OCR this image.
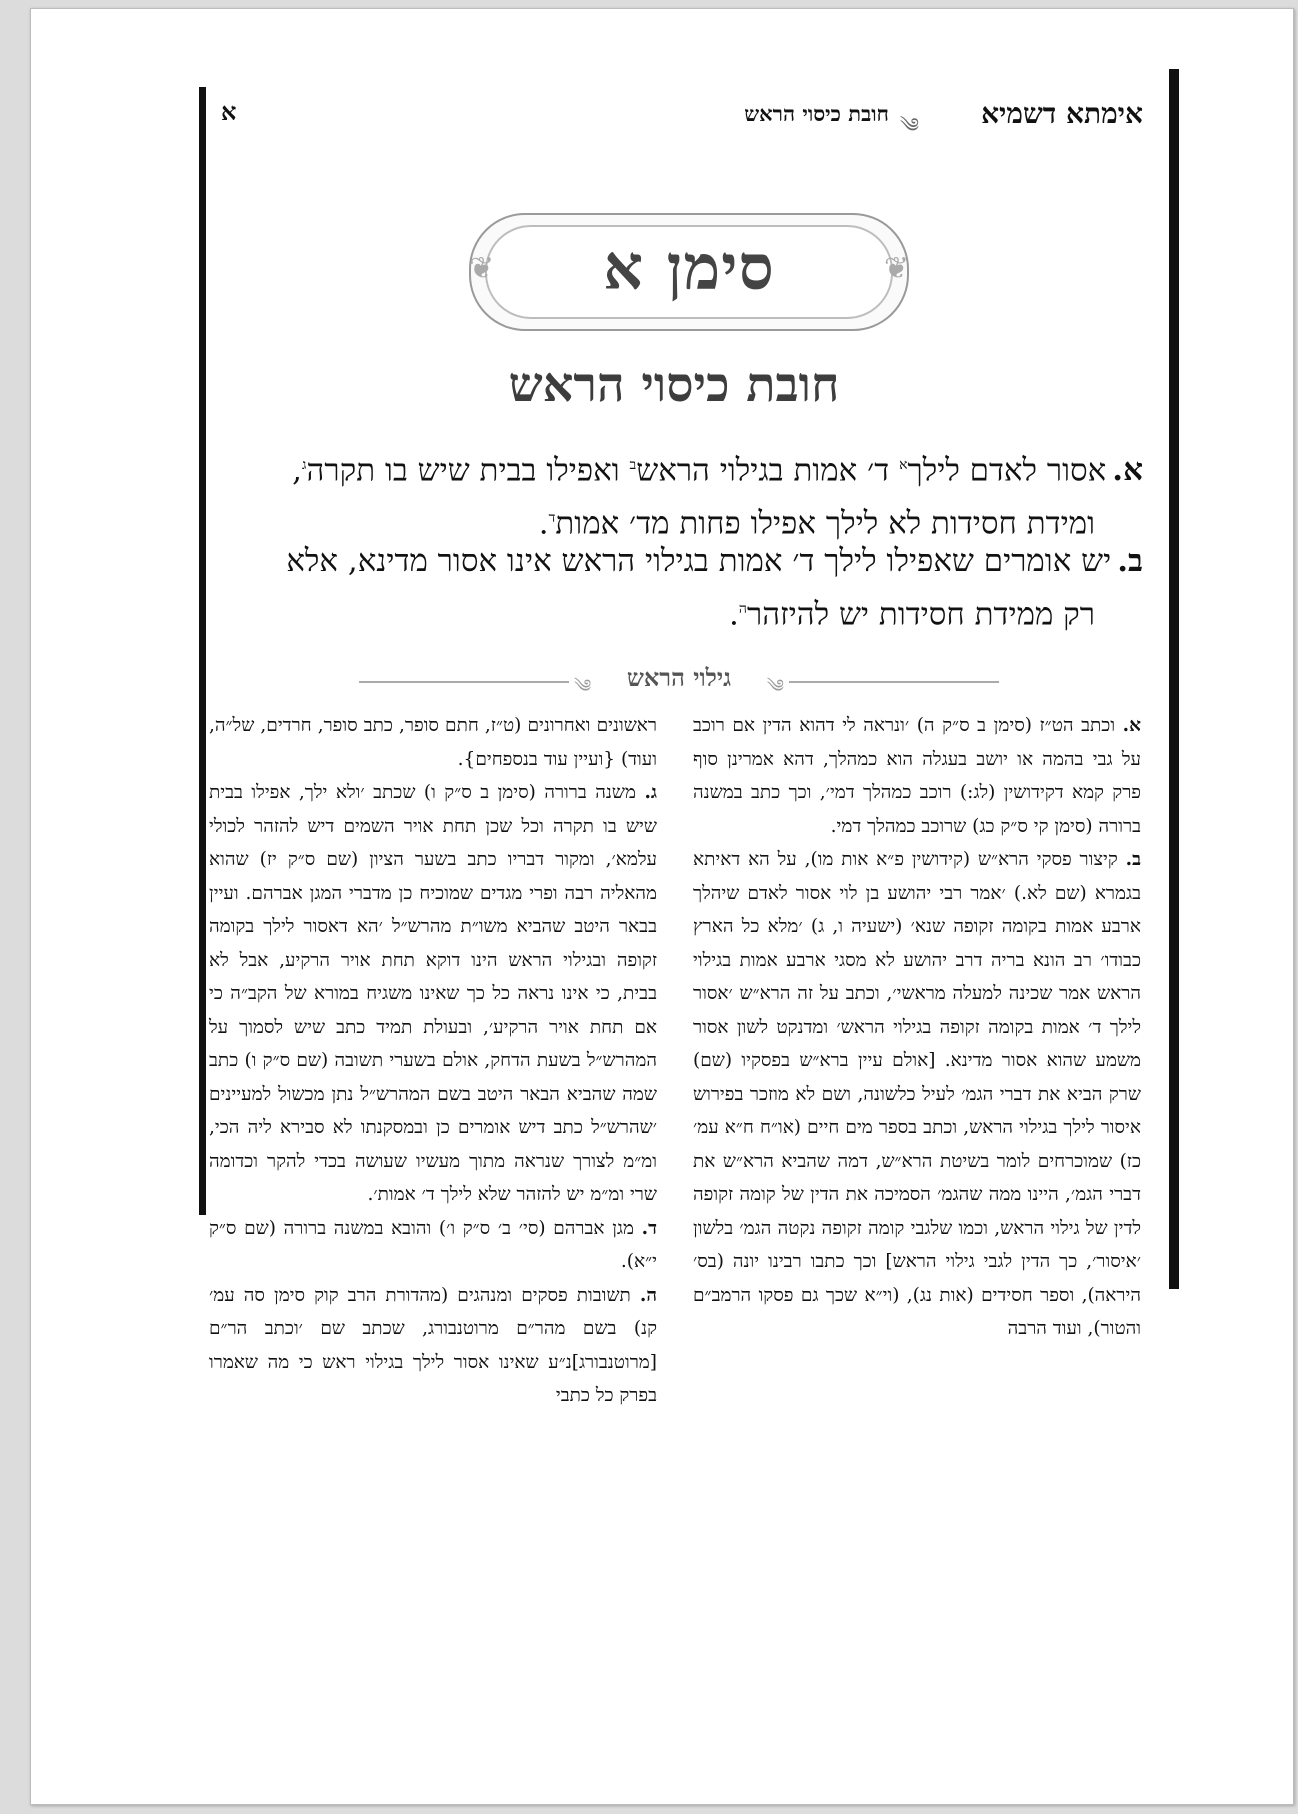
אימתא דשמיא
༄
חובת כיסוי הראש
א
❦	❦
סימן א
חובת כיסוי הראש
א.אסור לאדם לילך$^א$ ד׳ אמות בגילוי הראש$^ב$ ואפילו בבית שיש בו תקרה$^ג$,
ומידת חסידות לא לילך אפילו פחות מד׳ אמות$^ד$.
ב.יש אומרים שאפילו לילך ד׳ אמות בגילוי הראש אינו אסור מדינא, אלא
רק ממידת חסידות יש להיזהר$^ה$.
༄	༄
גילוי הראש

א. וכתב הט״ז (סימן ב ס״ק ה) ׳ונראה לי דהוא הדין אם רוכב על גבי בהמה או יושב בעגלה הוא כמהלך, דהא אמרינן סוף פרק קמא דקידושין (לג:) רוכב כמהלך דמי׳, וכך כתב במשנה ברורה (סימן קי ס״ק כג) שרוכב כמהלך דמי.

ב. קיצור פסקי הרא״ש (קידושין פ״א אות מו), על הא דאיתא בגמרא (שם לא.) ׳אמר רבי יהושע בן לוי אסור לאדם שיהלך ארבע אמות בקומה זקופה שנא׳ (ישעיה ו, ג) ׳מלא כל הארץ כבודו׳ רב הונא בריה דרב יהושע לא מסגי ארבע אמות בגילוי הראש אמר שכינה למעלה מראשי׳, וכתב על זה הרא״ש ׳אסור לילך ד׳ אמות בקומה זקופה בגילוי הראש׳ ומדנקט לשון אסור משמע שהוא אסור מדינא. [אולם עיין ברא״ש בפסקיו (שם) שרק הביא את דברי הגמ׳ לעיל כלשונה, ושם לא מוזכר בפירוש איסור לילך בגילוי הראש, וכתב בספר מים חיים (או״ח ח״א עמ׳ כז) שמוכרחים לומר בשיטת הרא״ש, דמה שהביא הרא״ש את דברי הגמ׳, היינו ממה שהגמ׳ הסמיכה את הדין של קומה זקופה לדין של גילוי הראש, וכמו שלגבי קומה זקופה נקטה הגמ׳ בלשון ׳איסור׳, כך הדין לגבי גילוי הראש] וכך כתבו רבינו יונה (בס׳ היראה), וספר חסידים (אות נג), (וי״א שכך גם פסקו הרמב״ם והטור), ועוד הרבה

ראשונים ואחרונים (ט״ז, חתם סופר, כתב סופר, חרדים, של״ה, ועוד) {ועיין עוד בנספחים}.

ג. משנה ברורה (סימן ב ס״ק ו) שכתב ׳ולא ילך, אפילו בבית שיש בו תקרה וכל שכן תחת אויר השמים דיש להזהר לכולי עלמא׳, ומקור דבריו כתב בשער הציון (שם ס״ק יז) שהוא מהאליה רבה ופרי מגדים שמוכיח כן מדברי המגן אברהם. ועיין בבאר היטב שהביא משו״ת מהרש״ל ׳הא דאסור לילך בקומה זקופה ובגילוי הראש הינו דוקא תחת אויר הרקיע, אבל לא בבית, כי אינו נראה כל כך שאינו משגיח במורא של הקב״ה כי אם תחת אויר הרקיע׳, ובעולת תמיד כתב שיש לסמוך על המהרש״ל בשעת הדחק, אולם בשערי תשובה (שם ס״ק ו) כתב שמה שהביא הבאר היטב בשם המהרש״ל נתן מכשול למעיינים ׳שהרש״ל כתב דיש אומרים כן ובמסקנתו לא סבירא ליה הכי, ומ״מ לצורך שנראה מתוך מעשיו שעושה בכדי להקר וכדומה שרי ומ״מ יש להזהר שלא לילך ד׳ אמות׳.

ד. מגן אברהם (סי׳ ב׳ ס״ק ו׳) והובא במשנה ברורה (שם ס״ק י״א).

ה. תשובות פסקים ומנהגים (מהדורת הרב קוק סימן סה עמ׳ קנ) בשם מהר״ם מרוטנבורג, שכתב שם ׳וכתב הר״ם [מרוטנבורג]נ״ע שאינו אסור לילך בגילוי ראש כי מה שאמרו בפרק כל כתבי
